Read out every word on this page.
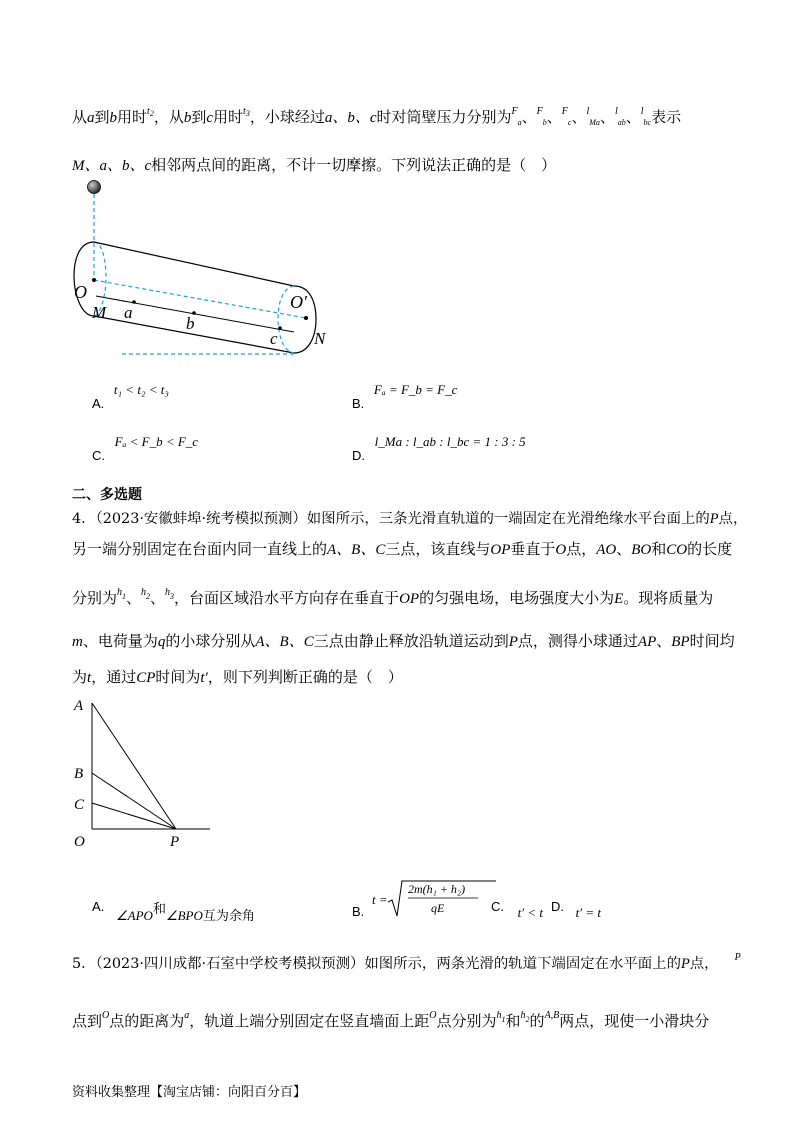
从a到b用时$^{t2}$，从b到c用时$^{t3}$，小球经过a、b、c时对筒壁压力分别为$^F_a$、$^F_b$、$^F_c$、$^l_{Ma}$、$^l_{ab}$、$^l_{bc}$表示
M、a、b、c相邻两点间的距离，不计一切摩擦。下列说法正确的是（　）
O
M a
b
c
O′
N
A. t₁ < t₂ < t₃
B. Fₐ = F_b = F_c
C. Fₐ < F_b < F_c
D. l_Ma : l_ab : l_bc = 1 : 3 : 5
二、多选题
4．（2023·安徽蚌埠·统考模拟预测）如图所示，三条光滑直轨道的一端固定在光滑绝缘水平台面上的P点，
另一端分别固定在台面内同一直线上的A、B、C三点，该直线与OP垂直于O点，AO、BO和CO的长度
分别为$^{h1}$、$^{h2}$、$^{h3}$，台面区域沿水平方向存在垂直于OP的匀强电场，电场强度大小为E。现将质量为
m、电荷量为q的小球分别从A、B、C三点由静止释放沿轨道运动到P点，测得小球通过AP、BP时间均
为t，通过CP时间为t′，则下列判断正确的是（　）
A
B
C
O	P
A.
∠APO和∠BPO互为余角	B.
t =
2m(h₁ + h₂)
qE	C. t′ < t D. t′ = t
5．（2023·四川成都·石室中学校考模拟预测）如图所示，两条光滑的轨道下端固定在水平面上的P点， $^P$
点到$^O$点的距离为$^a$，轨道上端分别固定在竖直墙面上距$^O$点分别为$^{h1}$和$^{h2}$的$^{A,B}$两点，现使一小滑块分
资料收集整理【淘宝店铺：向阳百分百】
